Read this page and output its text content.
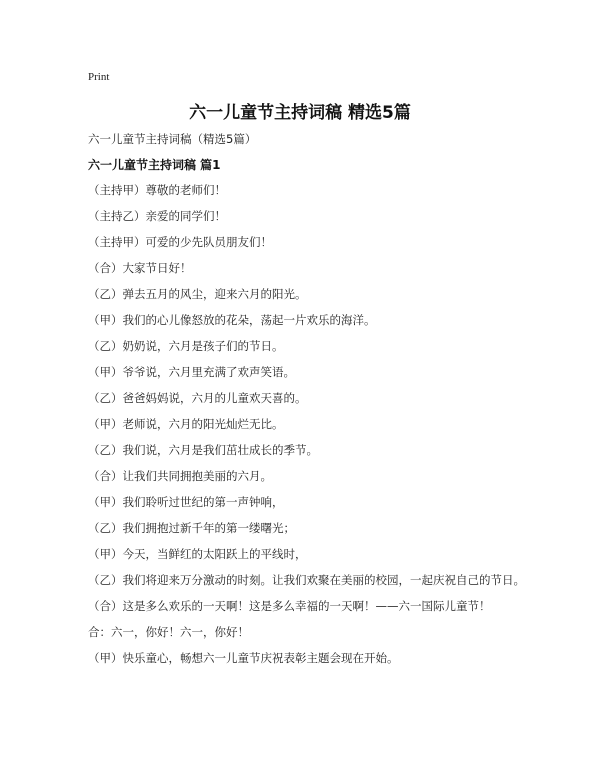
Print
六一儿童节主持词稿 精选5篇

六一儿童节主持词稿（精选5篇）

六一儿童节主持词稿 篇1

（主持甲）尊敬的老师们！

（主持乙）亲爱的同学们！

（主持甲）可爱的少先队员朋友们！

（合）大家节日好！

（乙）弹去五月的风尘，迎来六月的阳光。

（甲）我们的心儿像怒放的花朵，荡起一片欢乐的海洋。

（乙）奶奶说，六月是孩子们的节日。

（甲）爷爷说，六月里充满了欢声笑语。

（乙）爸爸妈妈说，六月的儿童欢天喜的。

（甲）老师说，六月的阳光灿烂无比。

（乙）我们说，六月是我们茁壮成长的季节。

（合）让我们共同拥抱美丽的六月。

（甲）我们聆听过世纪的第一声钟响，

（乙）我们拥抱过新千年的第一缕曙光；

（甲）今天，当鲜红的太阳跃上的平线时，

（乙）我们将迎来万分激动的时刻。让我们欢聚在美丽的校园，一起庆祝自己的节日。

（合）这是多么欢乐的一天啊！这是多么幸福的一天啊！——六一国际儿童节！

合：六一，你好！六一，你好！

（甲）快乐童心，畅想六一儿童节庆祝表彰主题会现在开始。
